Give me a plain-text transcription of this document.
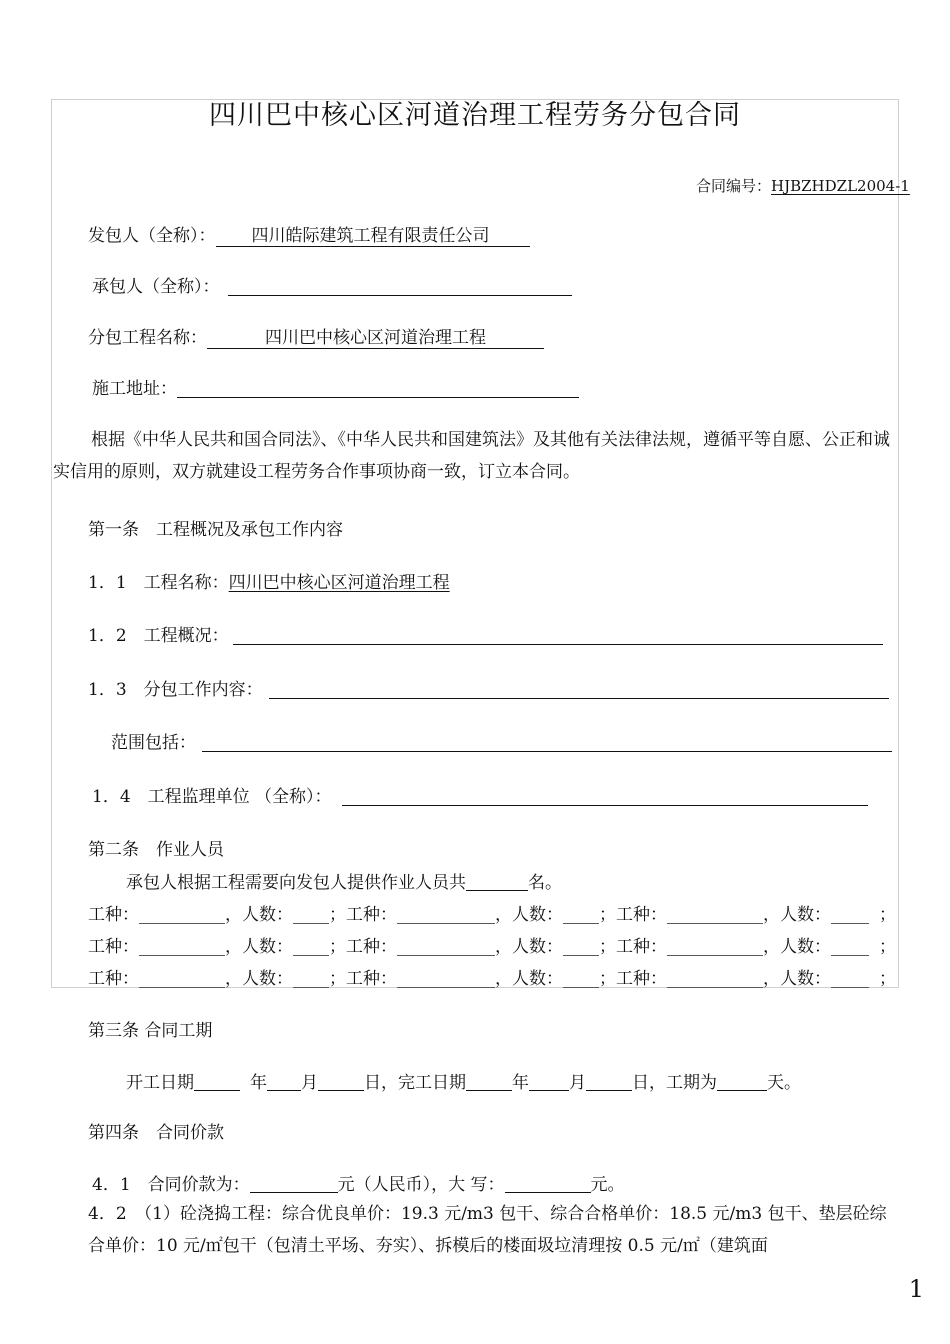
四川巴中核心区河道治理工程劳务分包合同
合同编号：HJBZHDZL2004-1
发包人（全称）： 四川皓际建筑工程有限责任公司
承包人（全称）：
分包工程名称：	四川巴中核心区河道治理工程
施工地址：
根据《中华人民共和国合同法》、《中华人民共和国建筑法》及其他有关法律法规，遵循平等自愿、公正和诚实信用的原则，双方就建设工程劳务合作事项协商一致，订立本合同。
第一条　工程概况及承包工作内容
1．1　工程名称：四川巴中核心区河道治理工程
1．2　工程概况：
1．3　分包工作内容：
范围包括：
1．4　工程监理单位 （全称）：
第二条　作业人员
承包人根据工程需要向发包人提供作业人员共	名。
工种：	，人数： ；工种：	，人数： ；工种：	，人数：	；
工种：	，人数： ；工种：	，人数： ；工种：	，人数：	；
工种：	，人数： ；工种：	，人数： ；工种：	，人数：	；
第三条 合同工期
开工日期	年 月	日，完工日期	年 月	日，工期为	天。
第四条　合同价款
4．1　合同价款为：	元（人民币），大 写：	元。
4．2　（1）砼浇捣工程：综合优良单价：19.3 元/m3 包干、综合合格单价：18.5 元/m3 包干、垫层砼综合单价：10 元/㎡包干（包清土平场、夯实）、拆模后的楼面圾垃清理按 0.5 元/㎡（建筑面
1
